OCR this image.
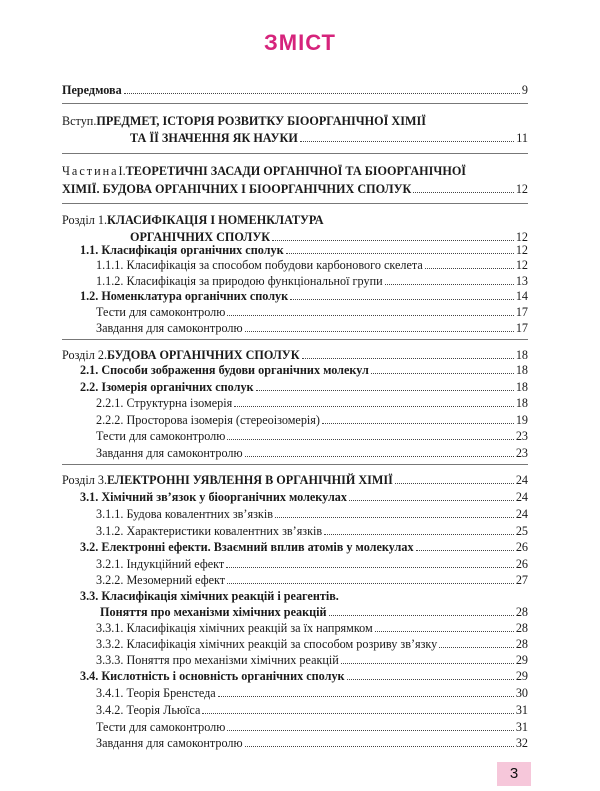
ЗМІСТ
Передмова	9
Вступ. ПРЕДМЕТ, ІСТОРІЯ РОЗВИТКУ БІООРГАНІЧНОЇ ХІМІЇ
ТА ЇЇ ЗНАЧЕННЯ ЯК НАУКИ	11
Частина I. ТЕОРЕТИЧНІ ЗАСАДИ ОРГАНІЧНОЇ ТА БІООРГАНІЧНОЇ
ХІМІЇ. БУДОВА ОРГАНІЧНИХ І БІООРГАНІЧНИХ СПОЛУК	12
Розділ 1. КЛАСИФІКАЦІЯ І НОМЕНКЛАТУРА
ОРГАНІЧНИХ СПОЛУК	12
1.1. Класифікація органічних сполук	12
1.1.1. Класифікація за способом побудови карбонового скелета	12
1.1.2. Класифікація за природою функціональної групи	13
1.2. Номенклатура органічних сполук	14
Тести для самоконтролю	17
Завдання для самоконтролю	17
Розділ 2. БУДОВА ОРГАНІЧНИХ СПОЛУК	18
2.1. Способи зображення будови органічних молекул	18
2.2. Ізомерія органічних сполук	18
2.2.1. Структурна ізомерія	18
2.2.2. Просторова ізомерія (стереоізомерія)	19
Тести для самоконтролю	23
Завдання для самоконтролю	23
Розділ 3. ЕЛЕКТРОННІ УЯВЛЕННЯ В ОРГАНІЧНІЙ ХІМІЇ	24
3.1. Хімічний зв’язок у біоорганічних молекулах	24
3.1.1. Будова ковалентних зв’язків	24
3.1.2. Характеристики ковалентних зв’язків	25
3.2. Електронні ефекти. Взаємний вплив атомів у молекулах	26
3.2.1. Індукційний ефект	26
3.2.2. Мезомерний ефект	27
3.3. Класифікація хімічних реакцій і реагентів.
Поняття про механізми хімічних реакцій	28
3.3.1. Класифікація хімічних реакцій за їх напрямком	28
3.3.2. Класифікація хімічних реакцій за способом розриву зв’язку	28
3.3.3. Поняття про механізми хімічних реакцій	29
3.4. Кислотність і основність органічних сполук	29
3.4.1. Теорія Бренстеда	30
3.4.2. Теорія Льюїса	31
Тести для самоконтролю	31
Завдання для самоконтролю	32
3
